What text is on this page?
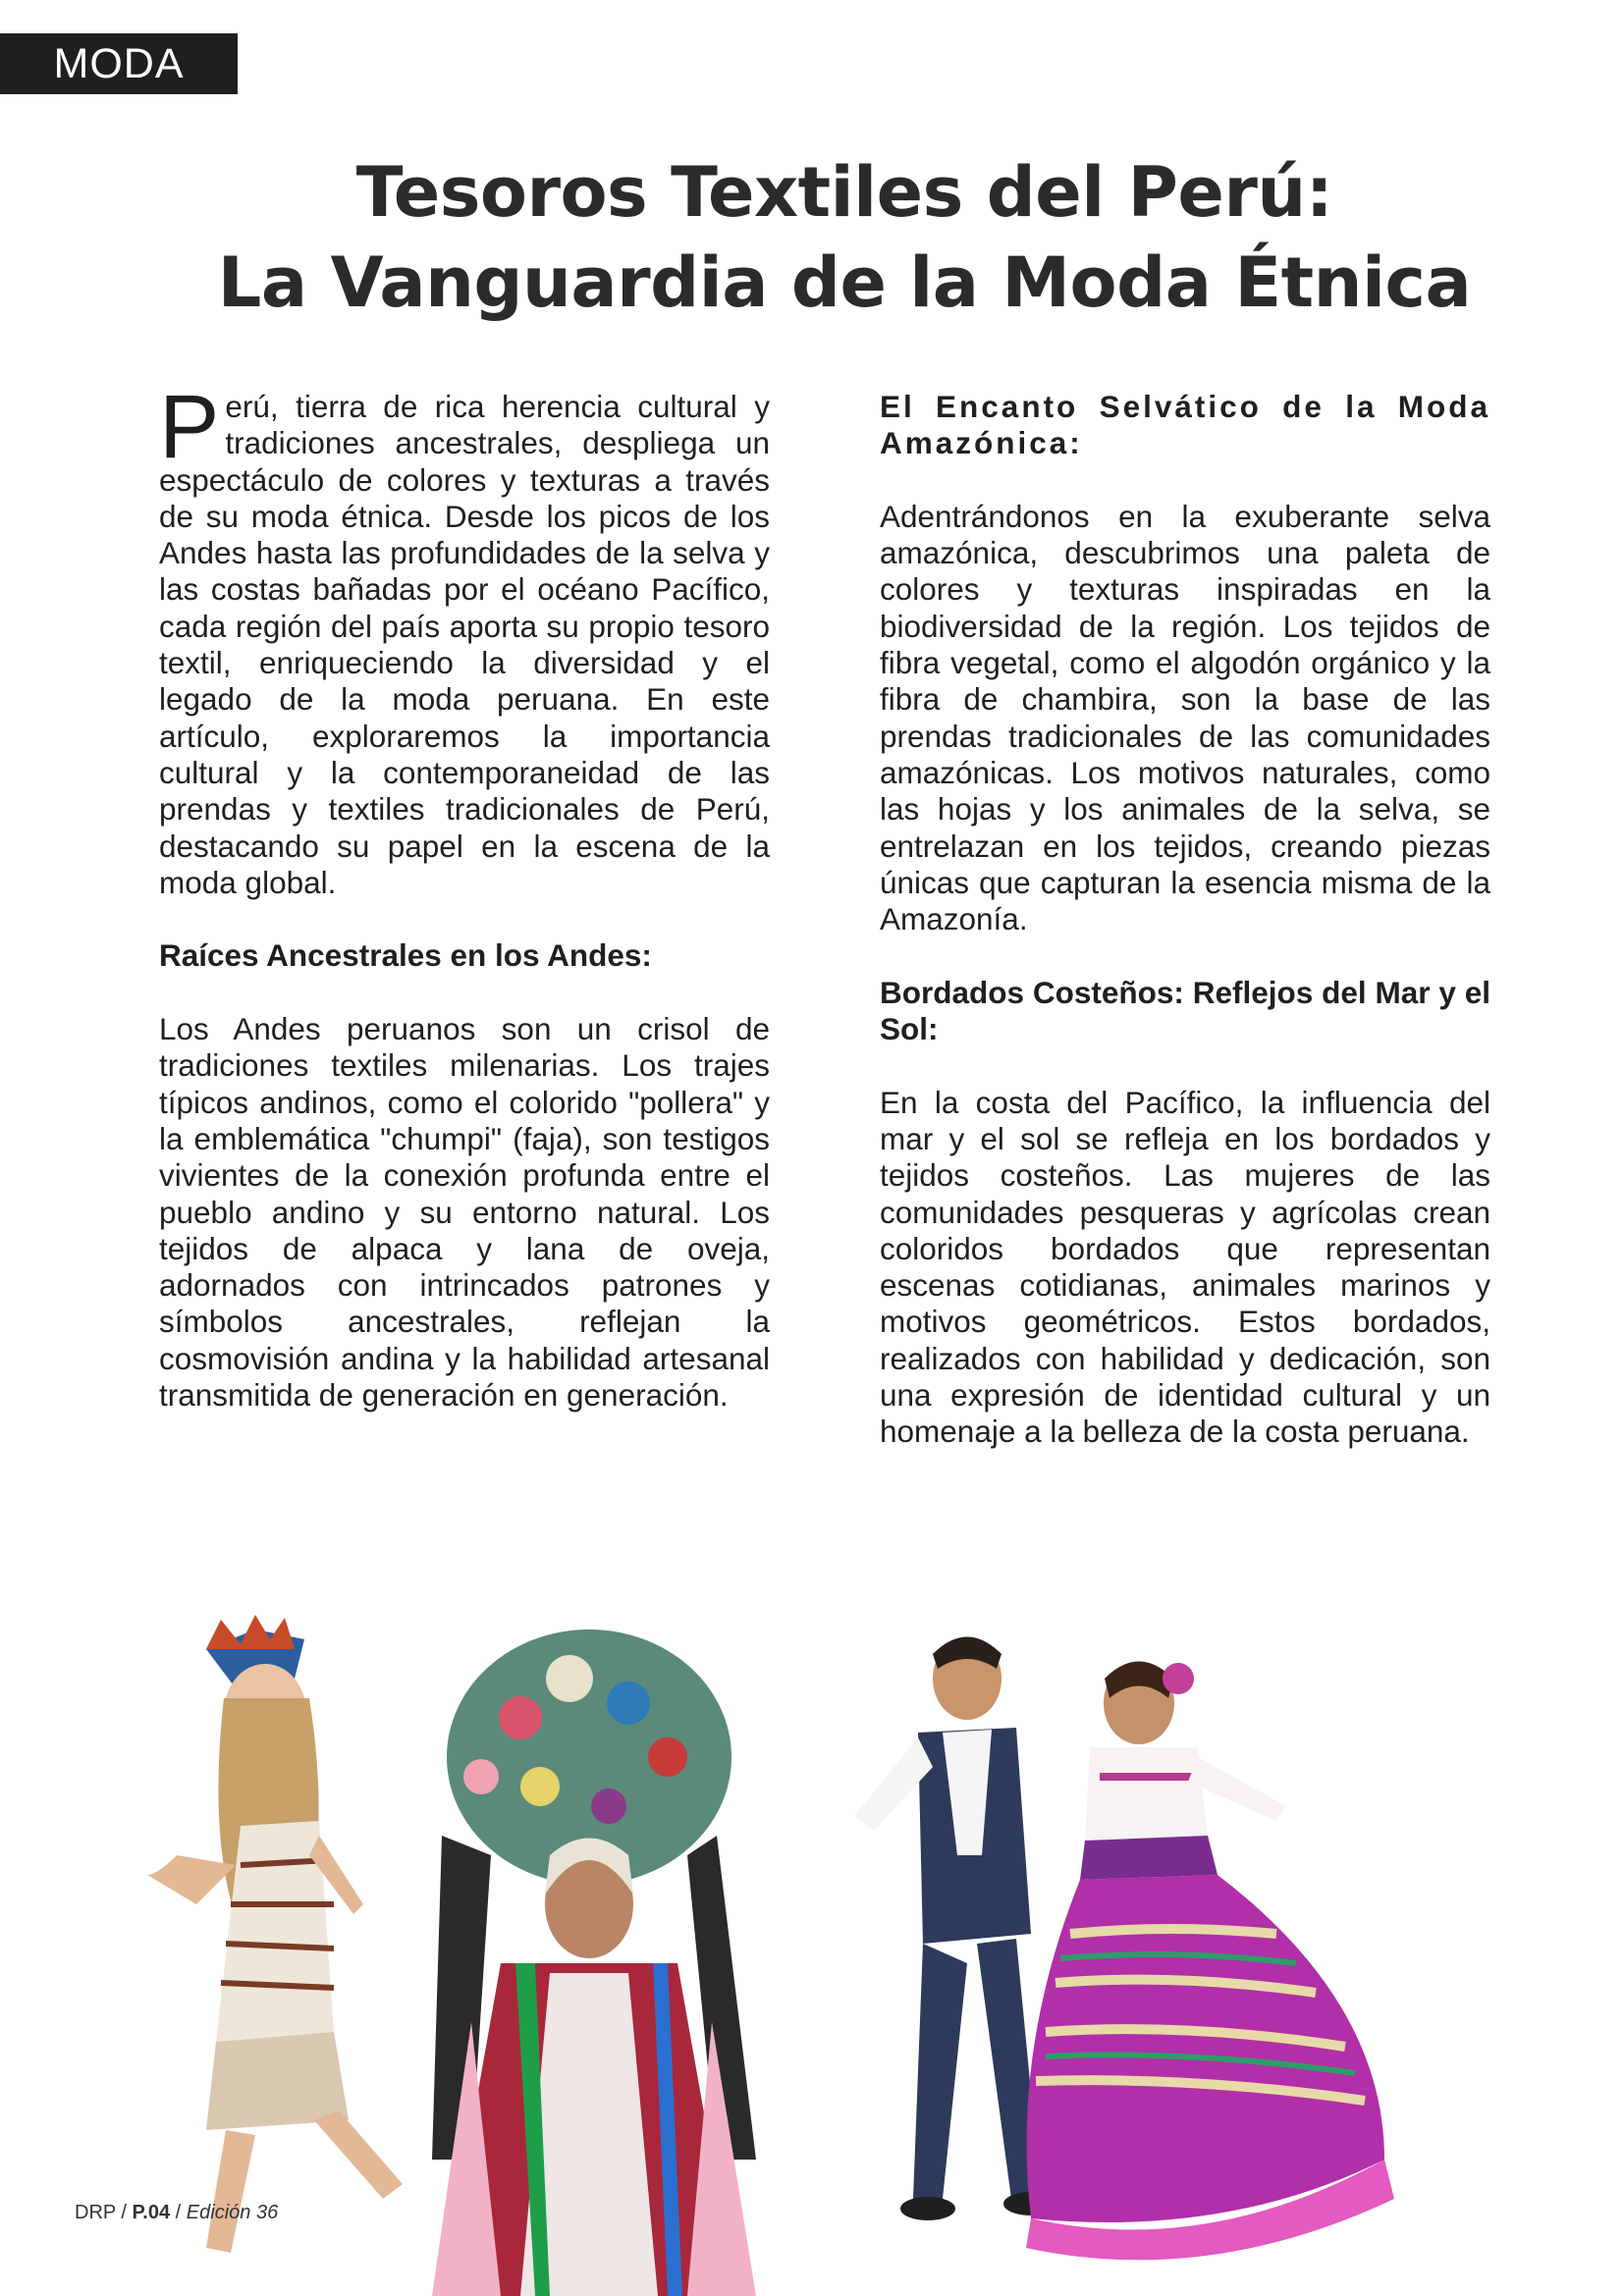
MODA
Tesoros Textiles del Perú:
La Vanguardia de la Moda Étnica

Perú, tierra de rica herencia cultural y tradiciones ancestrales, despliega un espectáculo de colores y texturas a través de su moda étnica. Desde los picos de los Andes hasta las profundidades de la selva y las costas bañadas por el océano Pacífico, cada región del país aporta su propio tesoro textil, enriqueciendo la diversidad y el legado de la moda peruana. En este artículo, exploraremos la importancia cultural y la contemporaneidad de las prendas y textiles tradicionales de Perú, destacando su papel en la escena de la moda global.

Raíces Ancestrales en los Andes:

Los Andes peruanos son un crisol de tradiciones textiles milenarias. Los trajes típicos andinos, como el colorido "pollera" y la emblemática "chumpi" (faja), son testigos vivientes de la conexión profunda entre el pueblo andino y su entorno natural. Los tejidos de alpaca y lana de oveja, adornados con intrincados patrones y símbolos ancestrales, reflejan la cosmovisión andina y la habilidad artesanal transmitida de generación en generación.

El Encanto Selvático de la Moda Amazónica:

Adentrándonos en la exuberante selva amazónica, descubrimos una paleta de colores y texturas inspiradas en la biodiversidad de la región. Los tejidos de fibra vegetal, como el algodón orgánico y la fibra de chambira, son la base de las prendas tradicionales de las comunidades amazónicas. Los motivos naturales, como las hojas y los animales de la selva, se entrelazan en los tejidos, creando piezas únicas que capturan la esencia misma de la Amazonía.

Bordados Costeños: Reflejos del Mar y el Sol:

En la costa del Pacífico, la influencia del mar y el sol se refleja en los bordados y tejidos costeños. Las mujeres de las comunidades pesqueras y agrícolas crean coloridos bordados que representan escenas cotidianas, animales marinos y motivos geométricos. Estos bordados, realizados con habilidad y dedicación, son una expresión de identidad cultural y un homenaje a la belleza de la costa peruana.

DRP / P.04 / Edición 36
